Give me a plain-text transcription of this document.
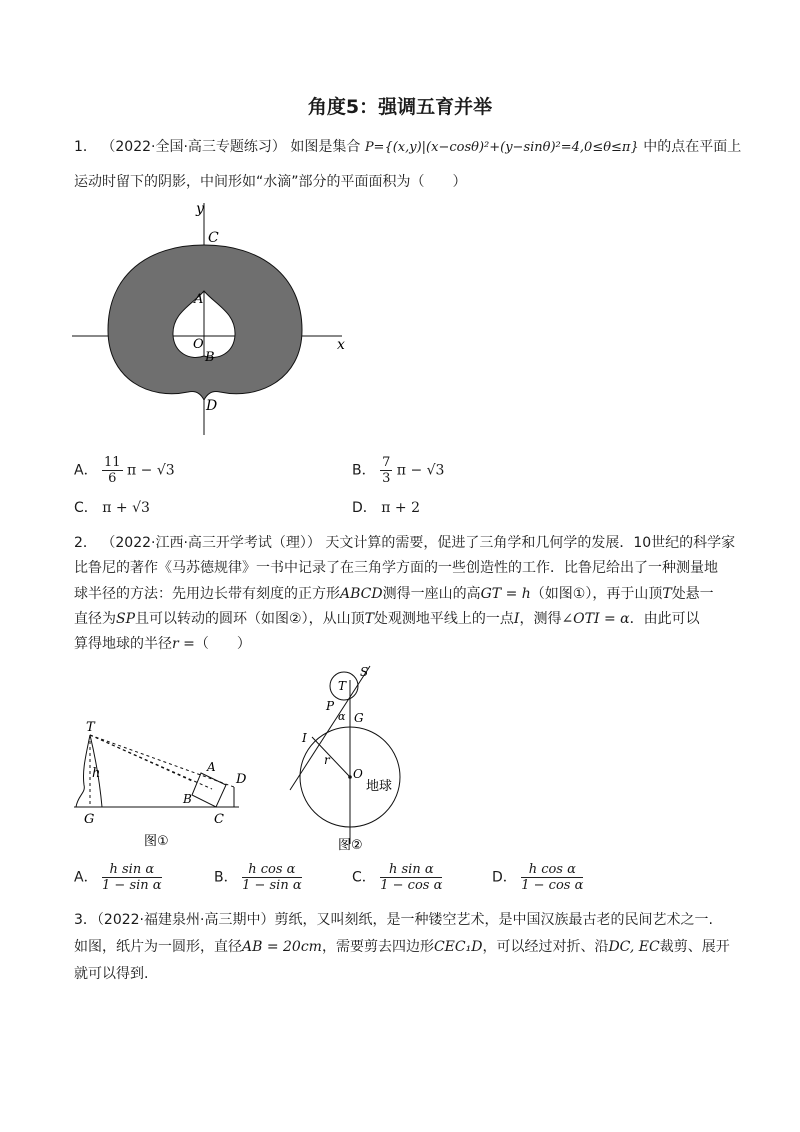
角度5：强调五育并举
1． （2022·全国·高三专题练习） 如图是集合 P={(x,y)|(x−cosθ)²+(y−sinθ)²=4,0≤θ≤π} 中的点在平面上
运动时留下的阴影，中间形如“水滴”部分的平面面积为（　　）
y
x
C
A
O
B
D
A． $\frac{11}{6}$ π − √3	B． $\frac{7}{3}$ π − √3
C． π + √3	D． π + 2
2． （2022·江西·高三开学考试（理）） 天文计算的需要，促进了三角学和几何学的发展．10世纪的科学家
比鲁尼的著作《马苏德规律》一书中记录了在三角学方面的一些创造性的工作．比鲁尼给出了一种测量地
球半径的方法：先用边长带有刻度的正方形ABCD测得一座山的高GT = h（如图①），再于山顶T处悬一
直径为SP且可以转动的圆环（如图②），从山顶T处观测地平线上的一点I，测得∠OTI = α．由此可以
算得地球的半径r =（　　）
T
h	A
D
B
G	C
图①
S
T
P
α G
I
r
O
地球
图②
A． $\frac{\text{h sin α}}{\text{1 − sin α}}$	B． $\frac{\text{h cos α}}{\text{1 − sin α}}$	C． $\frac{\text{h sin α}}{\text{1 − cos α}}$	D． $\frac{\text{h cos α}}{\text{1 − cos α}}$
3．（2022·福建泉州·高三期中）剪纸，又叫刻纸，是一种镂空艺术，是中国汉族最古老的民间艺术之一.
如图，纸片为一圆形，直径AB = 20cm，需要剪去四边形CEC₁D，可以经过对折、沿DC, EC裁剪、展开
就可以得到.
